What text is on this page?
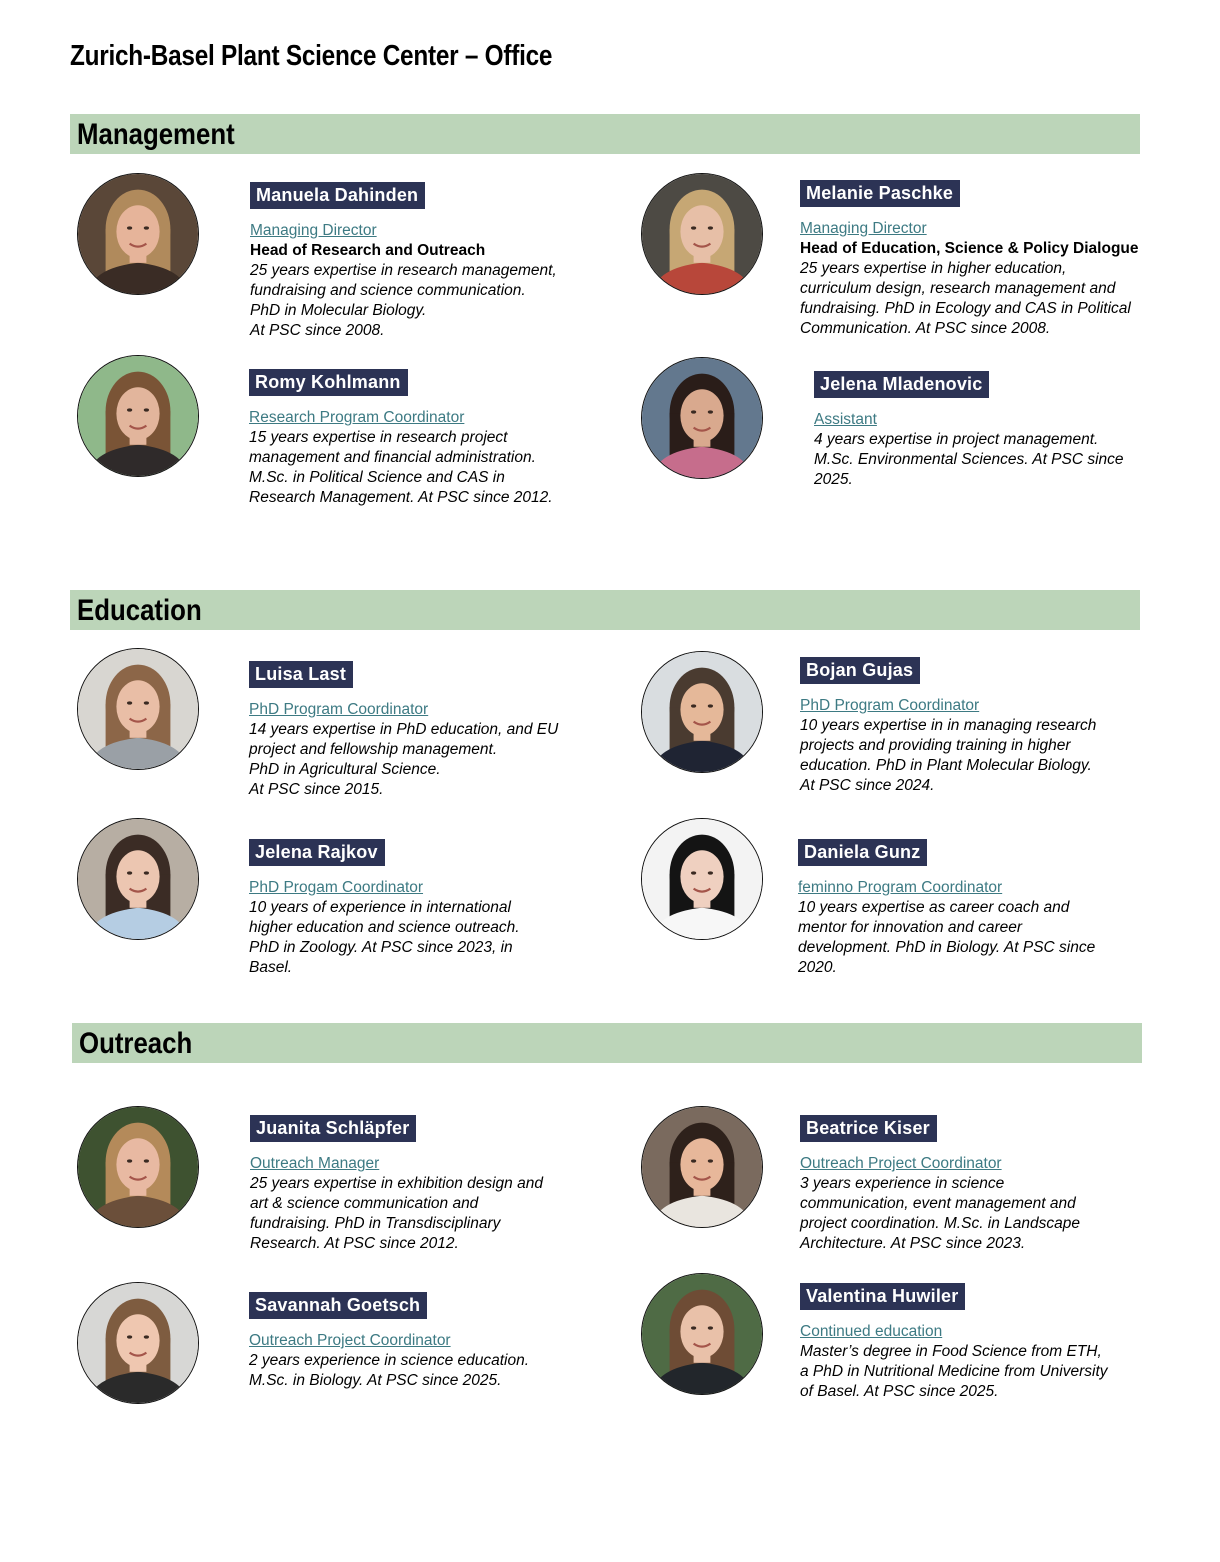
Zurich-Basel Plant Science Center – Office
Management
Education
Outreach
Manuela Dahinden
Managing Director
Head of Research and Outreach
25 years expertise in research management,
fundraising and science communication.
PhD in Molecular Biology.
At PSC since 2008.
Melanie Paschke
Managing Director
Head of Education, Science & Policy Dialogue
25 years expertise in higher education,
curriculum design, research management and
fundraising. PhD in Ecology and CAS in Political
Communication. At PSC since 2008.
Romy Kohlmann
Research Program Coordinator
15 years expertise in research project
management and financial administration.
M.Sc. in Political Science and CAS in
Research Management. At PSC since 2012.
Jelena Mladenovic
Assistant
4 years expertise in project management.
M.Sc. Environmental Sciences. At PSC since
2025.
Luisa Last
PhD Program Coordinator
14 years expertise in PhD education, and EU
project and fellowship management.
PhD in Agricultural Science.
At PSC since 2015.
Bojan Gujas
PhD Program Coordinator
10 years expertise in in managing research
projects and providing training in higher
education. PhD in Plant Molecular Biology.
At PSC since 2024.
Jelena Rajkov
PhD Progam Coordinator
10 years of experience in international
higher education and science outreach.
PhD in Zoology. At PSC since 2023, in
Basel.
Daniela Gunz
feminno Program Coordinator
10 years expertise as career coach and
mentor for innovation and career
development. PhD in Biology. At PSC since
2020.
Juanita Schläpfer
Outreach Manager
25 years expertise in exhibition design and
art & science communication and
fundraising. PhD in Transdisciplinary
Research. At PSC since 2012.
Beatrice Kiser
Outreach Project Coordinator
3 years experience in science
communication, event management and
project coordination. M.Sc. in Landscape
Architecture. At PSC since 2023.
Savannah Goetsch
Outreach Project Coordinator
2 years experience in science education.
M.Sc. in Biology. At PSC since 2025.
Valentina Huwiler
Continued education
Master’s degree in Food Science from ETH,
a PhD in Nutritional Medicine from University
of Basel. At PSC since 2025.
